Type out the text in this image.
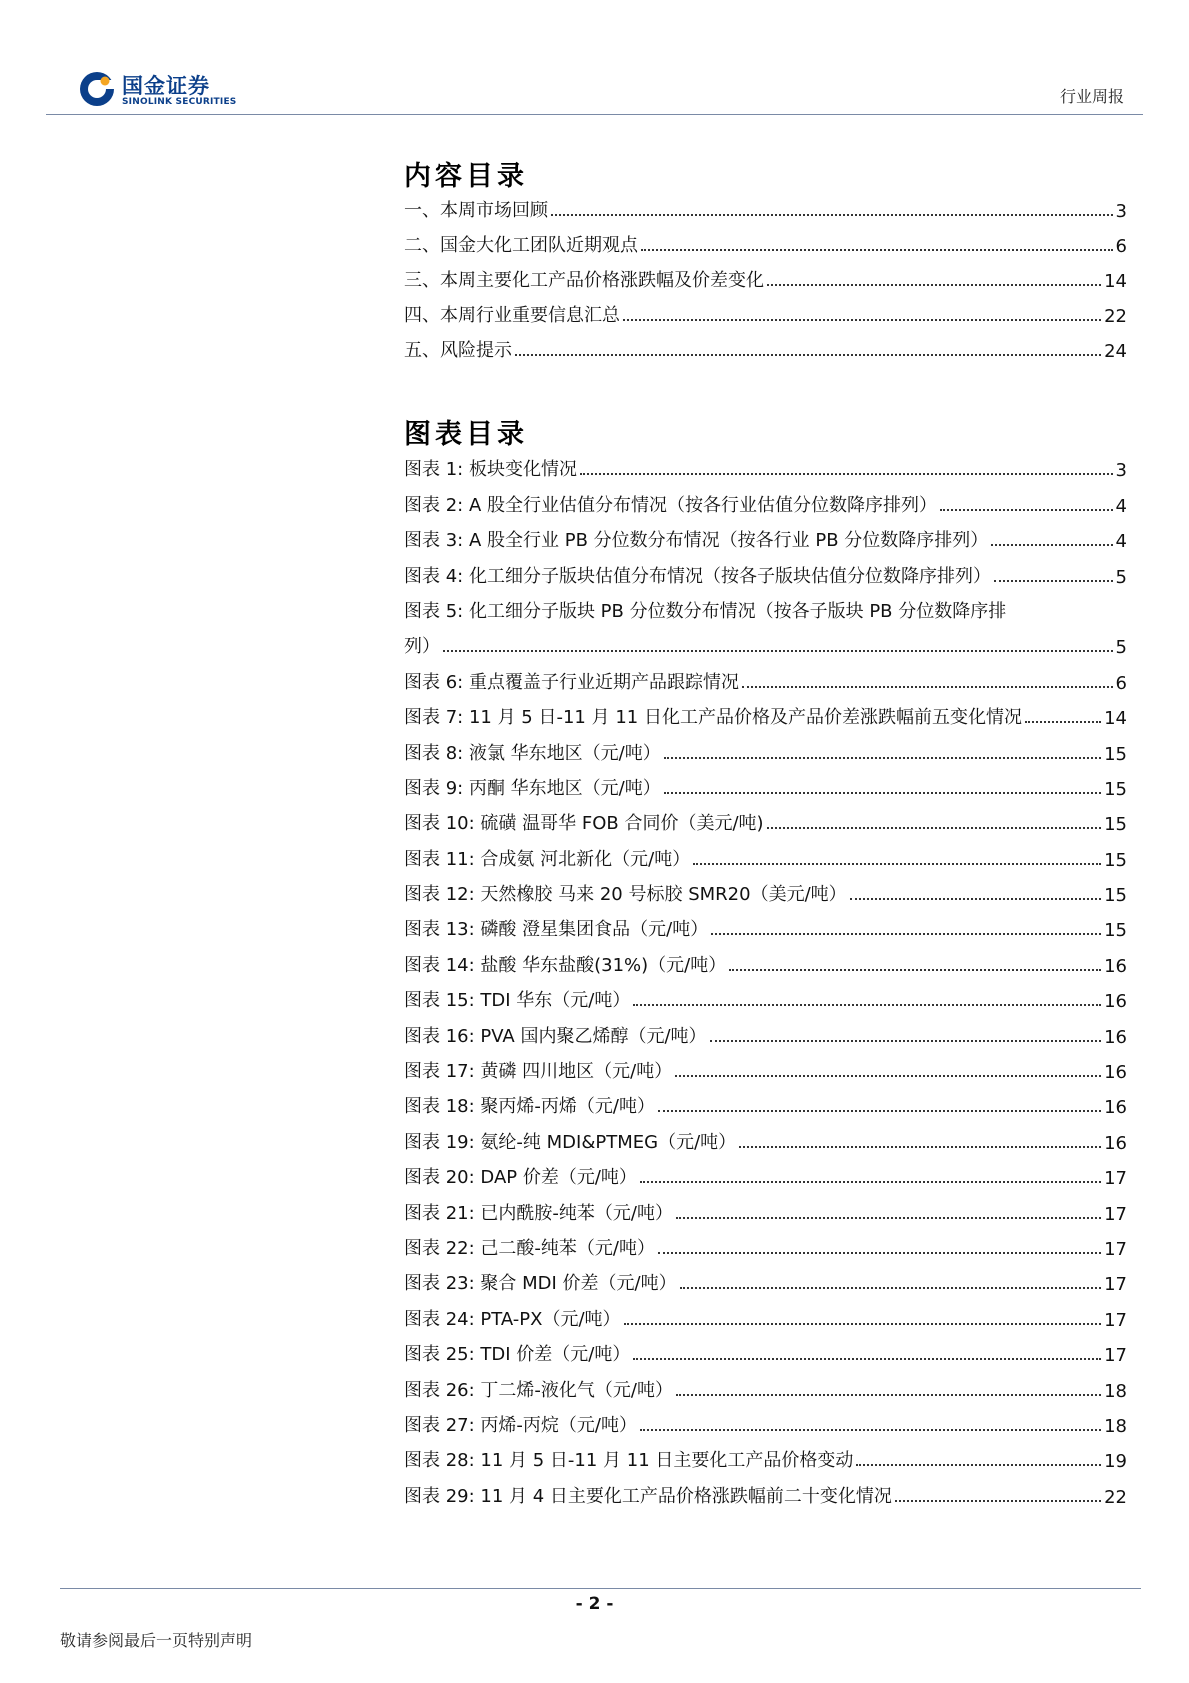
国金证券
SINOLINK SECURITIES	行业周报
内容目录
一、本周市场回顾	3
二、国金大化工团队近期观点	6
三、本周主要化工产品价格涨跌幅及价差变化	14
四、本周行业重要信息汇总	22
五、风险提示	24
图表目录
图表 1: 板块变化情况	3
图表 2: A 股全行业估值分布情况（按各行业估值分位数降序排列）	4
图表 3: A 股全行业 PB 分位数分布情况（按各行业 PB 分位数降序排列）	4
图表 4: 化工细分子版块估值分布情况（按各子版块估值分位数降序排列）	5
图表 5: 化工细分子版块 PB 分位数分布情况（按各子版块 PB 分位数降序排
列）	5
图表 6: 重点覆盖子行业近期产品跟踪情况	6
图表 7: 11 月 5 日-11 月 11 日化工产品价格及产品价差涨跌幅前五变化情况	14
图表 8: 液氯 华东地区（元/吨）	15
图表 9: 丙酮 华东地区（元/吨）	15
图表 10: 硫磺 温哥华 FOB 合同价（美元/吨)	15
图表 11: 合成氨 河北新化（元/吨）	15
图表 12: 天然橡胶 马来 20 号标胶 SMR20（美元/吨）	15
图表 13: 磷酸 澄星集团食品（元/吨）	15
图表 14: 盐酸 华东盐酸(31%)（元/吨）	16
图表 15: TDI 华东（元/吨）	16
图表 16: PVA 国内聚乙烯醇（元/吨）	16
图表 17: 黄磷 四川地区（元/吨）	16
图表 18: 聚丙烯-丙烯（元/吨）	16
图表 19: 氨纶-纯 MDI&PTMEG（元/吨）	16
图表 20: DAP 价差（元/吨）	17
图表 21: 已内酰胺-纯苯（元/吨）	17
图表 22: 己二酸-纯苯（元/吨）	17
图表 23: 聚合 MDI 价差（元/吨）	17
图表 24: PTA-PX（元/吨）	17
图表 25: TDI 价差（元/吨）	17
图表 26: 丁二烯-液化气（元/吨）	18
图表 27: 丙烯-丙烷（元/吨）	18
图表 28: 11 月 5 日-11 月 11 日主要化工产品价格变动	19
图表 29: 11 月 4 日主要化工产品价格涨跌幅前二十变化情况	22
- 2 -
敬请参阅最后一页特别声明
